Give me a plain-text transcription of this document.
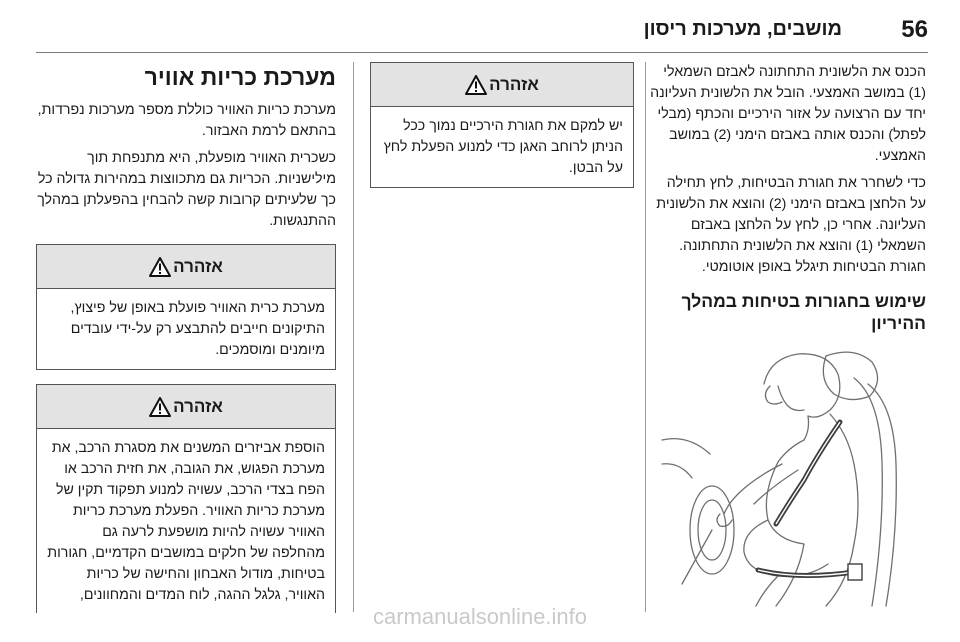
56
מושבים, מערכות ריסון

הכנס את הלשונית התחתונה לאבזם השמאלי (1) במושב האמצעי. הובל את הלשונית העליונה יחד עם הרצועה על אזור הירכיים והכתף (מבלי לפתל) והכנס אותה באבזם הימני (2) במושב האמצעי.

כדי לשחרר את חגורת הבטיחות, לחץ תחילה על הלחצן באבזם הימני (2) והוצא את הלשונית העליונה. אחרי כן, לחץ על הלחצן באבזם השמאלי (1) והוצא את הלשונית התחתונה. חגורת הבטיחות תיגלל באופן אוטומטי.

שימוש בחגורות בטיחות במהלך ההיריון
אזהרה
יש למקם את חגורת הירכיים נמוך ככל הניתן לרוחב האגן כדי למנוע הפעלת לחץ על הבטן.
מערכת כריות אוויר

מערכת כריות האוויר כוללת מספר מערכות נפרדות, בהתאם לרמת האבזור.

כשכרית האוויר מופעלת, היא מתנפחת תוך מילישניות. הכריות גם מתכווצות במהירות גדולה כל כך שלעיתים קרובות קשה להבחין בהפעלתן במהלך ההתנגשות.

אזהרה
מערכת כרית האוויר פועלת באופן של פיצוץ, התיקונים חייבים להתבצע רק על-ידי עובדים מיומנים ומוסמכים.
אזהרה
הוספת אביזרים המשנים את מסגרת הרכב, את מערכת הפגוש, את הגובה, את חזית הרכב או הפח בצדי הרכב, עשויה למנוע תפקוד תקין של מערכת כריות האוויר. הפעלת מערכת כריות האוויר עשויה להיות מושפעת לרעה גם מהחלפה של חלקים במושבים הקדמיים, חגורות בטיחות, מודול האבחון והחישה של כריות האוויר, גלגל ההגה, לוח המדים והמחוונים,
carmanualsonline.info
